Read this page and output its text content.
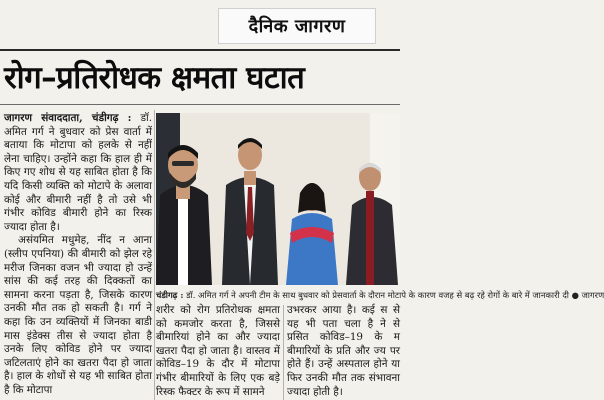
दैनिक जागरण
रोग–प्रतिरोधक क्षमता घटात

जागरण संवाददाता, चंडीगढ़ : डॉ. अमित गर्ग ने बुधवार को प्रेस वार्ता में बताया कि मोटापा को हलके से नहीं लेना चाहिए। उन्होंने कहा कि हाल ही में किए गए शोध से यह साबित होता है कि यदि किसी व्यक्ति को मोटापे के अलावा कोई और बीमारी नहीं है तो उसे भी गंभीर कोविड बीमारी होने का रिस्क ज्यादा होता है।

असंयमित मधुमेह, नींद न आना (स्लीप एपनिया) की बीमारी को झेल रहे मरीज जिनका वजन भी ज्यादा हो उन्हें सांस की कई तरह की दिक्कतों का सामना करना पड़ता है, जिसके कारण उनकी मौत तक हो सकती है। गर्ग ने कहा कि उन व्यक्तियों में जिनका बाडी मास इंडेक्स तीस से ज्यादा होता है उनके लिए कोविड होने पर ज्यादा जटिलताएं होने का खतरा पैदा हो जाता है। हाल के शोधों से यह भी साबित होता है कि मोटापा

चंडीगढ़ : डॉ. अमित गर्ग ने अपनी टीम के साथ बुधवार को प्रेसवार्ता के दौरान मोटापे के कारण वजह से बढ़ रहे रोगों के बारे में जानकारी दी ● जागरण

शरीर को रोग प्रतिरोधक क्षमता को कमजोर करता है, जिससे बीमारियां होने का और ज्यादा खतरा पैदा हो जाता है। वास्तव में कोविड–19 के दौर में मोटापा गंभीर बीमारियों के लिए एक बड़े रिस्क फैक्टर के रूप में सामने

उभरकर आया है। कई स से यह भी पता चला है ने से प्रसित कोविड–19 के म बीमारियों के प्रति और ज्य पर होते हैं। उन्हें अस्पताल होने या फिर उनकी मौत तक संभावना ज्यादा होती है।
